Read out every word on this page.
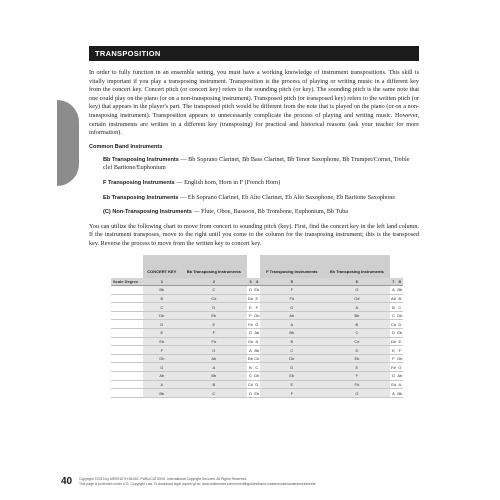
TRANSPOSITION

In order to fully function in an ensemble setting, you must have a working knowledge of instrument transpositions. This skill is vitally important if you play a transposing instrument. Transposition is the process of playing or writing music in a different key from the concert key. Concert pitch (or concert key) refers to the sounding pitch (or key). The sounding pitch is the same note that one could play on the piano (or on a non-transposing instrument). Transposed pitch (or transposed key) refers to the written pitch (or key) that appears in the player's part. The transposed pitch would be different from the note that is played on the piano (or on a non-transposing instrument). Transposition appears to unnecessarily complicate the process of playing and writing music. However, certain instruments are written in a different key (transposing) for practical and historical reasons (ask your teacher for more information).

Common Band Instruments

Bb Transposing Instruments — Bb Soprano Clarinet, Bb Bass Clarinet, Bb Tenor Saxophone, Bb Trumpet/Cornet, Treble clef Baritone/Euphonium

F Transposing Instruments — English horn, Horn in F (French Horn)

Eb Transposing Instruments — Eb Soprano Clarinet, Eb Alto Clarinet, Eb Alto Saxophone, Eb Baritone Saxophone

(C) Non-Transposing Instruments — Flute, Oboe, Bassoon, Bb Trombone, Euphonium, Bb Tuba

You can utilize the following chart to move from concert to sounding pitch (key). First, find the concert key in the left land column. If the instrument transposes, move to the right until you come to the column for the transposing instrument; this is the transposed key. Reverse the process to move from the written key to concert key.

	CONCERT KEY	Bb Transposing Instruments			F Transposing Instruments	Eb Transposing Instruments		
Scale Degree	1	2	3	4	5	6	7	8
	Bb	C	D	Eb	F	G	A	Bb
	B	C#	D#	E	F#	G#	A#	B
	C	D	E	F	G	A	B	C
	Db	Eb	F	Gb	Ab	Bb	C	Db
	D	E	F#	G	A	B	C#	D
	E	F	G	Ab	Bb	C	D	Eb
	Eb	F#	G#	A	B	C#	D#	E
	F	G	A	Bb	C	D	E	F
	Gb	Ab	Bb	Cb	Db	Eb	F	Gb
	G	A	B	C	D	E	F#	G
	Ab	Bb	C	Db	Eb	F	G	Ab
	A	B	C#	D	E	F#	G#	A
	Bb	C	D	Eb	F	G	A	Bb
40 Copyright ©2013 by MEREDITH MUSIC PUBLICATIONS. International Copyright Secured. All Rights Reserved.
This page is protected under U.S. Copyright Law. To download legal copies go to: www.halleonard.com/meredithguides/band-masterworks/studentworksheets
